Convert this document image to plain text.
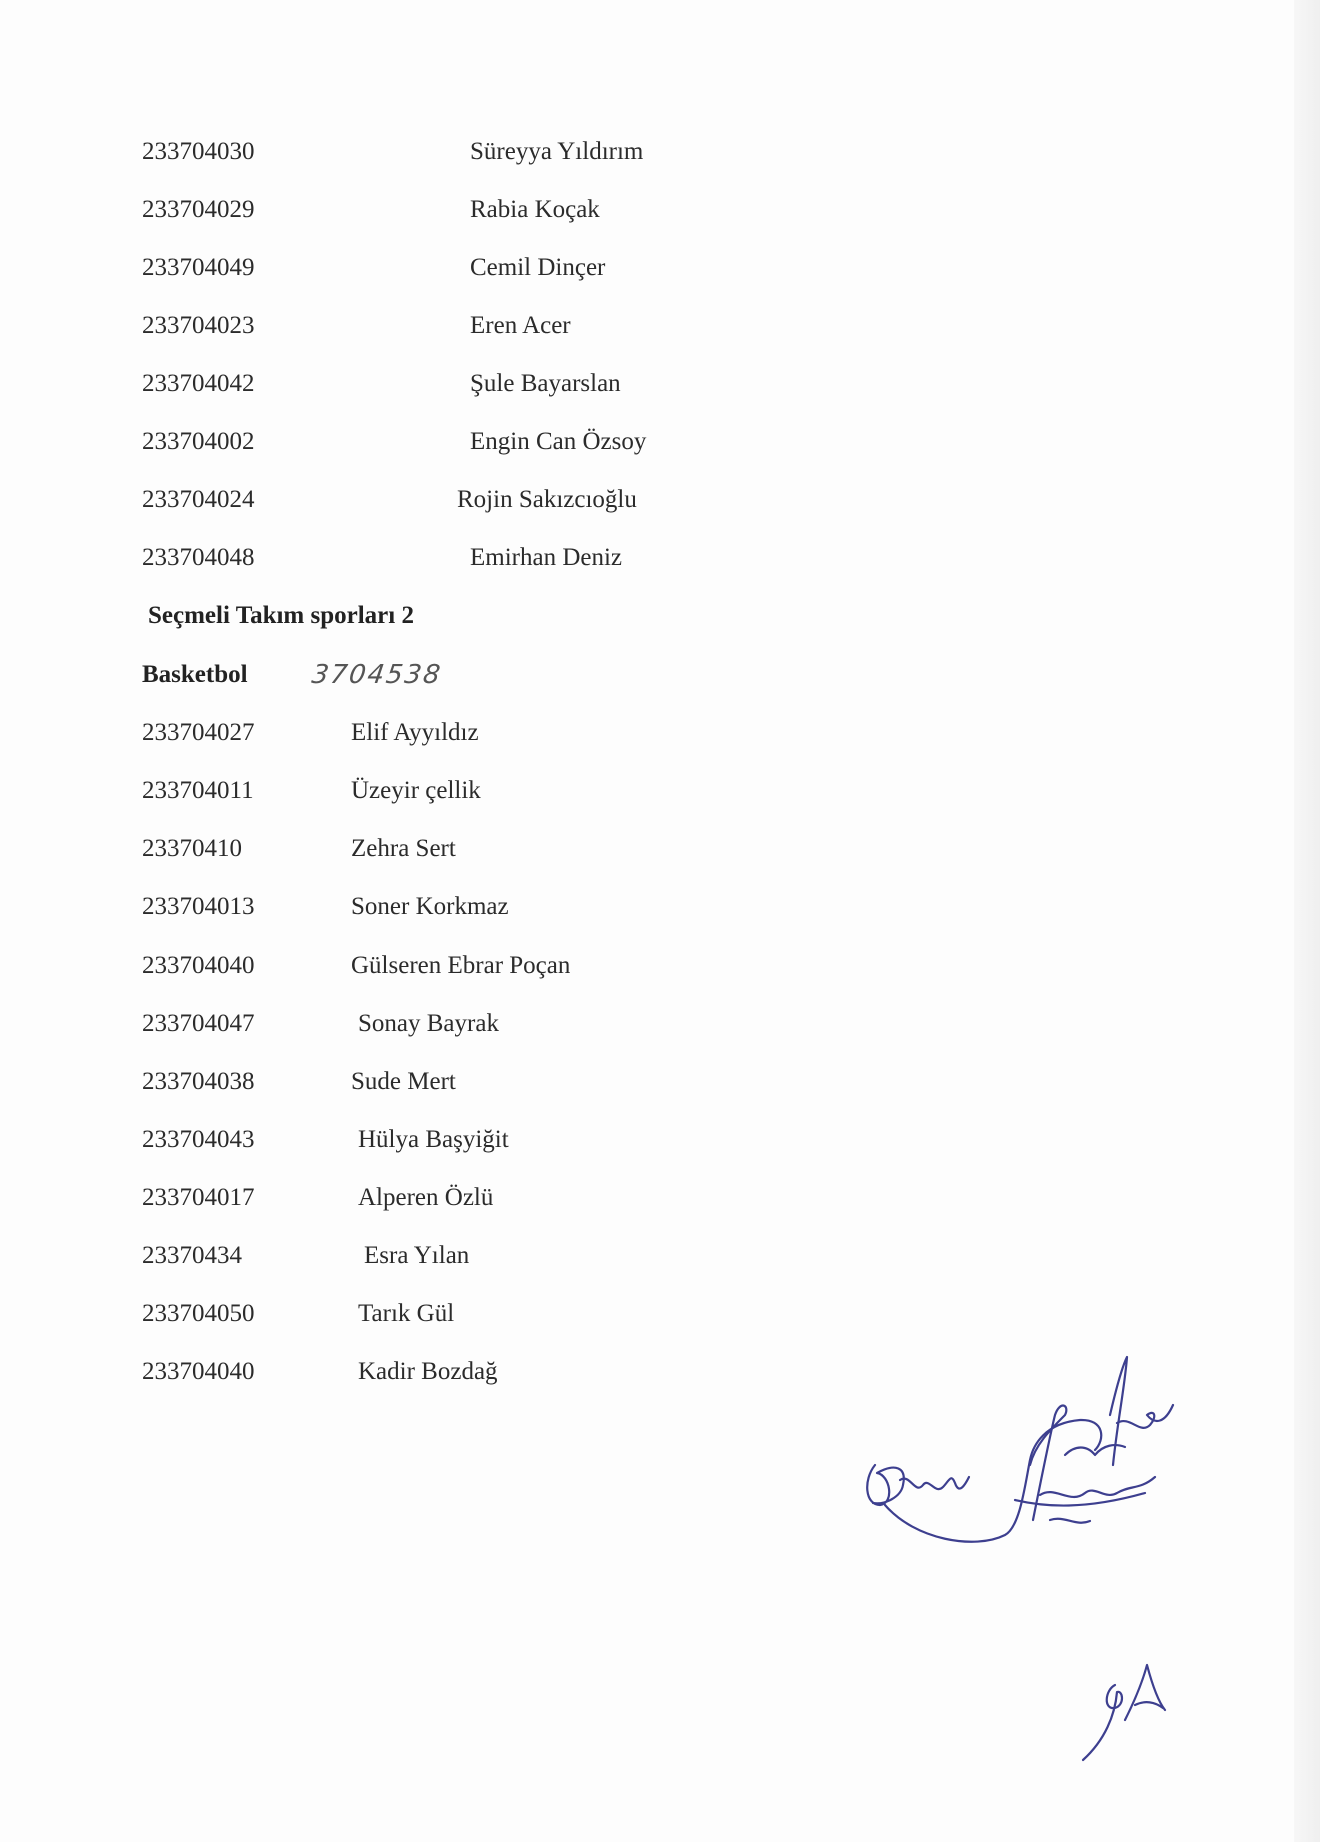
233704030	Süreyya Yıldırım
233704029	Rabia Koçak
233704049	Cemil Dinçer
233704023	Eren Acer
233704042	Şule Bayarslan
233704002	Engin Can Özsoy
233704024	Rojin Sakızcıoğlu
233704048	Emirhan Deniz
Seçmeli Takım sporları 2
Basketbol 3704538
233704027	Elif Ayyıldız
233704011	Üzeyir çellik
23370410	Zehra Sert
233704013	Soner Korkmaz
233704040	Gülseren Ebrar Poçan
233704047	Sonay Bayrak
233704038	Sude Mert
233704043	Hülya Başyiğit
233704017	Alperen Özlü
23370434	Esra Yılan
233704050	Tarık Gül
233704040	Kadir Bozdağ
